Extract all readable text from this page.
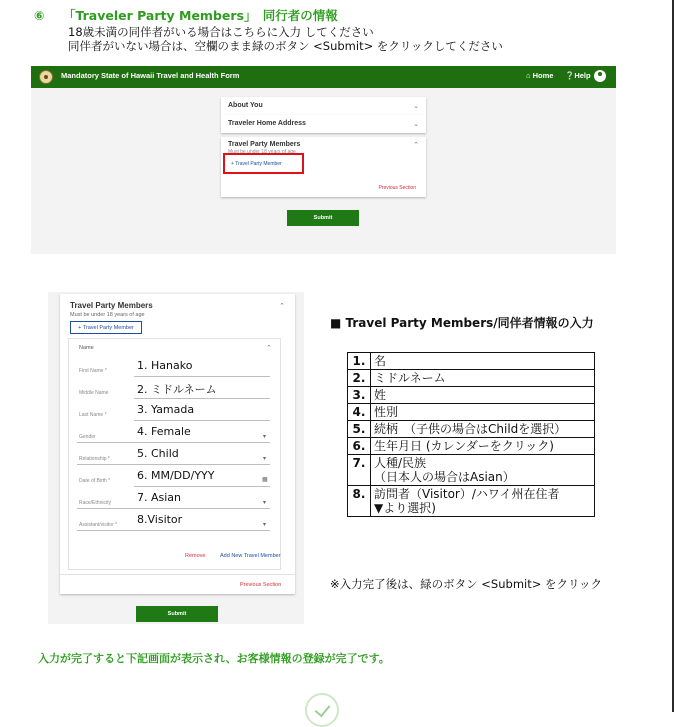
⑥ 「Traveler Party Members」　同行者の情報
18歳未満の同伴者がいる場合はこちらに入力 してください
同伴者がいない場合は、空欄のまま緑のボタン <Submit> をクリックしてください
Mandatory State of Hawaii Travel and Health Form	⌂ Home ❔Help
About You	⌄
Traveler Home Address	⌄
Travel Party Members	⌃
Must be under 18 years of age
+ Travel Party Member
Previous Section
Submit
Travel Party Members	⌃
Must be under 18 years of age
+ Travel Party Member
Name	⌃
First Name *	1. Hanako
Middle Name	2. ミドルネーム
Last Name *	3. Yamada
Gender	4. Female	▾
Relationship * 5. Child	▾
Date of Birth * 6. MM/DD/YYY	▦
Race/Ethnicity 7. Asian	▾
Assistant/visitor * 8.Visitor	▾
Remove	Add New Travel Member
Previous Section
Submit
■ Travel Party Members/同伴者情報の入力
1.	名
2.	ミドルネーム
3.	姓
4.	性別
5.	続柄　（子供の場合はChildを選択）
6.	生年月日 (カレンダーをクリック)
7.	人種/民族
（日本人の場合はAsian）

8.	訪問者（Visitor）/ハワイ州在住者
▼より選択)
※入力完了後は、緑のボタン <Submit> をクリック
入力が完了すると下記画面が表示され、お客様情報の登録が完了です。
